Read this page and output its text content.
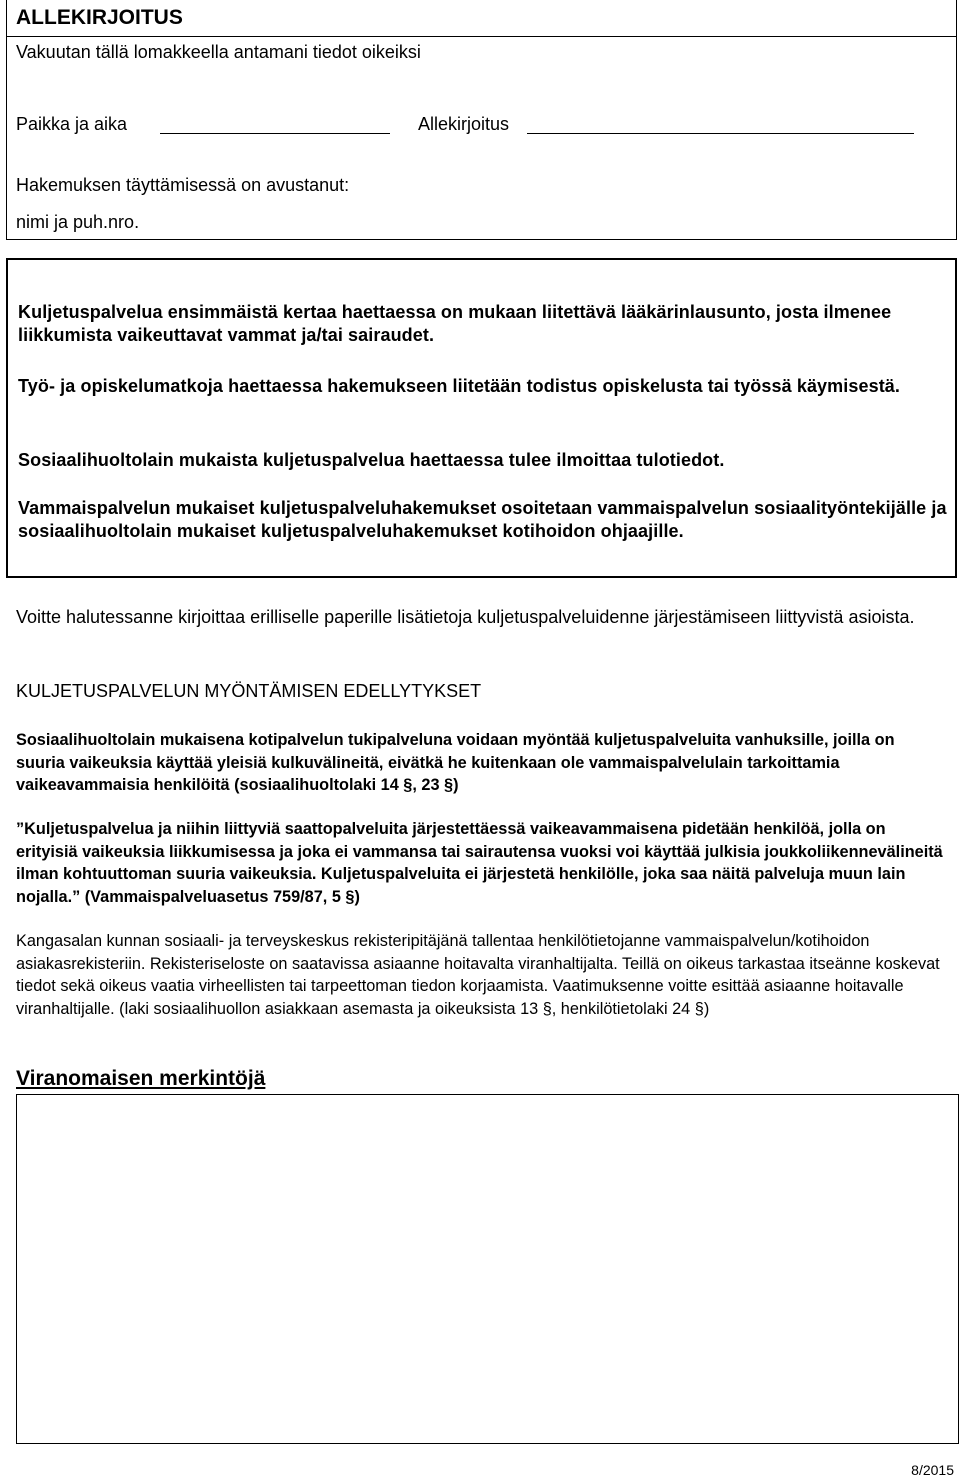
ALLEKIRJOITUS
Vakuutan tällä lomakkeella antamani tiedot oikeiksi
Paikka ja aika	Allekirjoitus
Hakemuksen täyttämisessä on avustanut:
nimi ja puh.nro.
Kuljetuspalvelua ensimmäistä kertaa haettaessa on mukaan liitettävä lääkärinlausunto, josta ilmenee liikkumista vaikeuttavat vammat ja/tai sairaudet.
Työ- ja opiskelumatkoja haettaessa hakemukseen liitetään todistus opiskelusta tai työssä käymisestä.
Sosiaalihuoltolain mukaista kuljetuspalvelua haettaessa tulee ilmoittaa tulotiedot.
Vammaispalvelun mukaiset kuljetuspalveluhakemukset osoitetaan vammaispalvelun sosiaalityöntekijälle ja sosiaalihuoltolain mukaiset kuljetuspalveluhakemukset kotihoidon ohjaajille.
Voitte halutessanne kirjoittaa erilliselle paperille lisätietoja kuljetuspalveluidenne järjestämiseen liittyvistä asioista.
KULJETUSPALVELUN MYÖNTÄMISEN EDELLYTYKSET
Sosiaalihuoltolain mukaisena kotipalvelun tukipalveluna voidaan myöntää kuljetuspalveluita vanhuksille, joilla on suuria vaikeuksia käyttää yleisiä kulkuvälineitä, eivätkä he kuitenkaan ole vammaispalvelulain tarkoittamia vaikeavammaisia henkilöitä (sosiaalihuoltolaki 14 §, 23 §)
”Kuljetuspalvelua ja niihin liittyviä saattopalveluita järjestettäessä vaikeavammaisena pidetään henkilöä, jolla on erityisiä vaikeuksia liikkumisessa ja joka ei vammansa tai sairautensa vuoksi voi käyttää julkisia joukkoliikennevälineitä ilman kohtuuttoman suuria vaikeuksia. Kuljetuspalveluita ei järjestetä henkilölle, joka saa näitä palveluja muun lain nojalla.” (Vammaispalveluasetus 759/87, 5 §)
Kangasalan kunnan sosiaali- ja terveyskeskus rekisteripitäjänä tallentaa henkilötietojanne vammaispalvelun/kotihoidon asiakasrekisteriin. Rekisteriseloste on saatavissa asiaanne hoitavalta viranhaltijalta. Teillä on oikeus tarkastaa itseänne koskevat tiedot sekä oikeus vaatia virheellisten tai tarpeettoman tiedon korjaamista. Vaatimuksenne voitte esittää asiaanne hoitavalle viranhaltijalle. (laki sosiaalihuollon asiakkaan asemasta ja oikeuksista 13 §, henkilötietolaki 24 §)
Viranomaisen merkintöjä
8/2015
